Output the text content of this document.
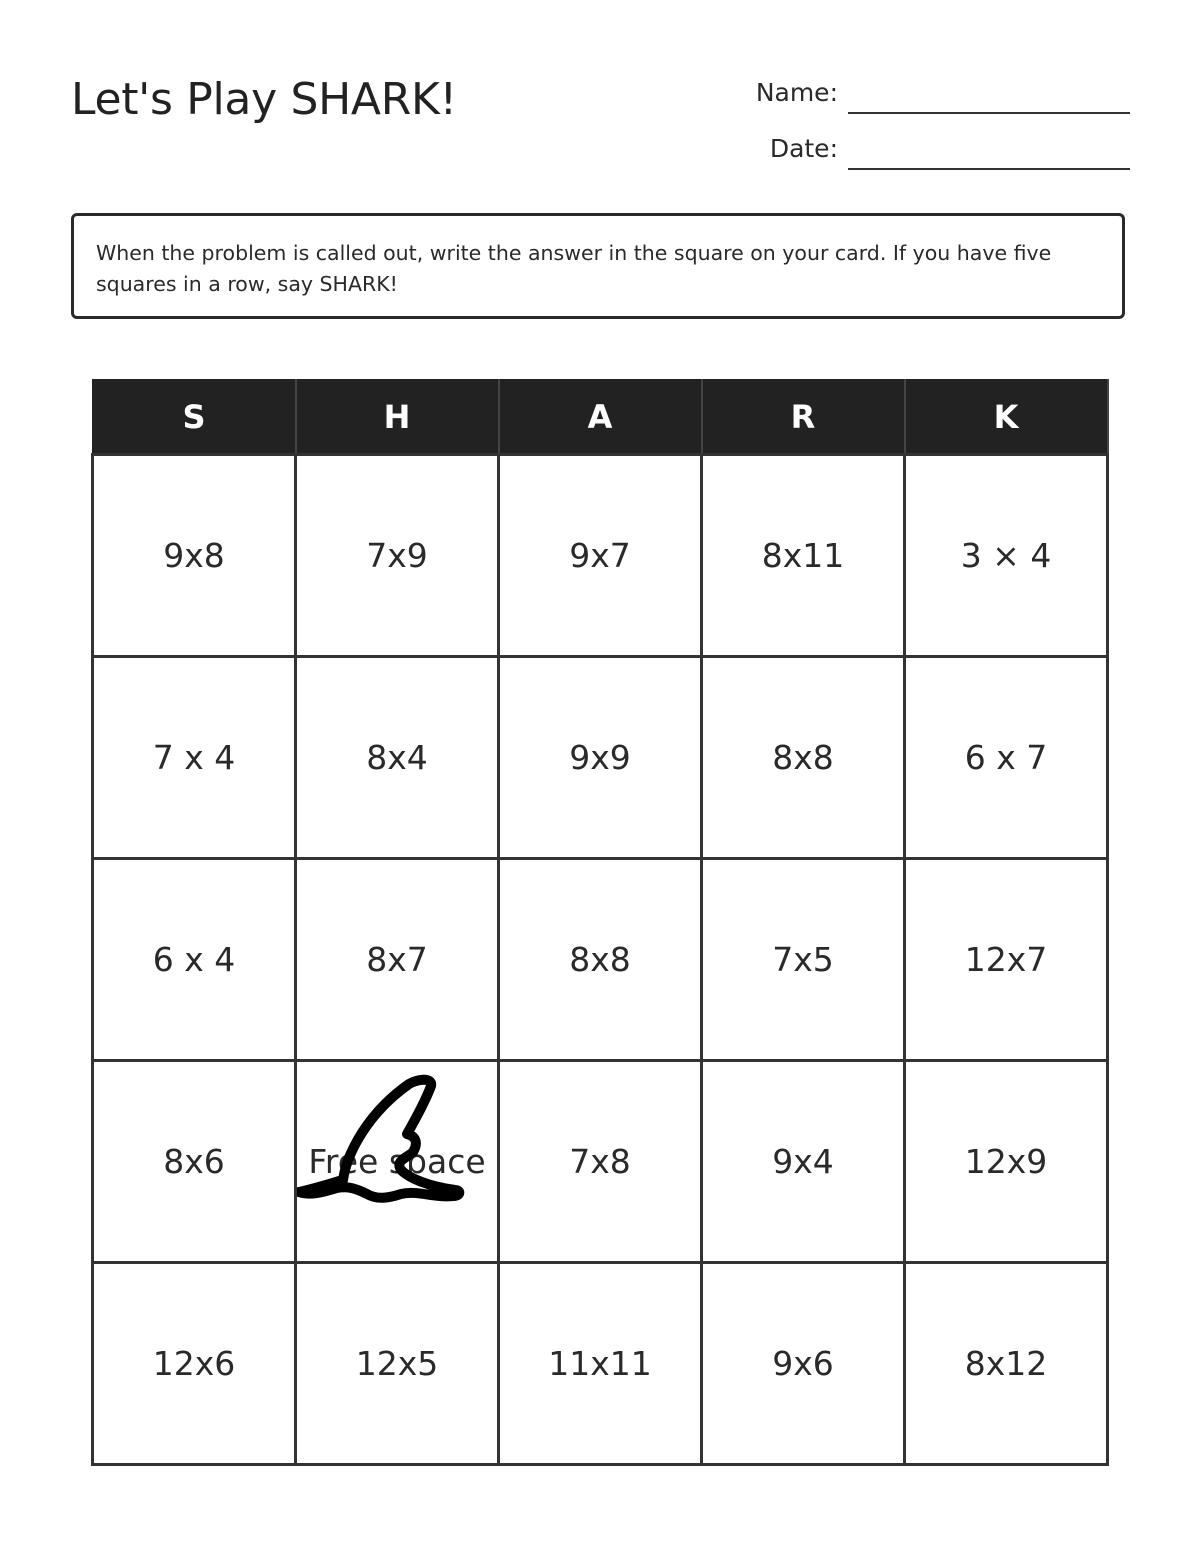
Let's Play SHARK!	Name:
Date:
When the problem is called out, write the answer in the square on your card. If you have five squares in a row, say SHARK!
S	H	A	R	K
9x8	7x9	9x7	8x11	3 × 4
7 x 4	8x4	9x9	8x8	6 x 7
6 x 4	8x7	8x8	7x5	12x7
8x6	Free space	7x8	9x4	12x9
12x6	12x5	11x11	9x6	8x12
